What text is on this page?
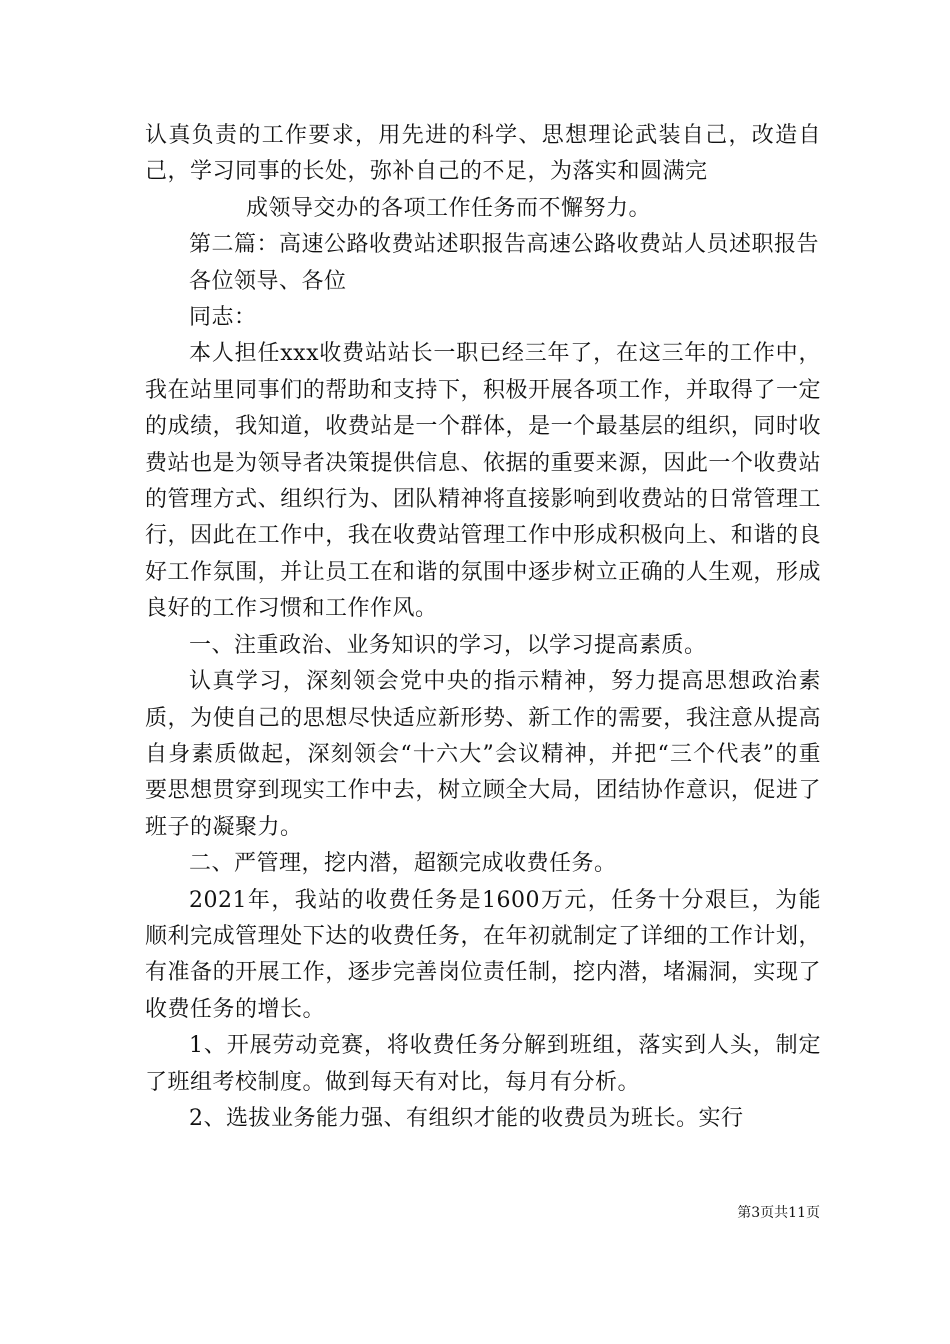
认真负责的工作要求，用先进的科学、思想理论武装自己，改造自己，学习同事的长处，弥补自己的不足，为落实和圆满完

成领导交办的各项工作任务而不懈努力。

第二篇：高速公路收费站述职报告高速公路收费站人员述职报告

各位领导、各位

同志：

本人担任xxx收费站站长一职已经三年了，在这三年的工作中，我在站里同事们的帮助和支持下，积极开展各项工作，并取得了一定的成绩，我知道，收费站是一个群体，是一个最基层的组织，同时收费站也是为领导者决策提供信息、依据的重要来源，因此一个收费站的管理方式、组织行为、团队精神将直接影响到收费站的日常管理工行，因此在工作中，我在收费站管理工作中形成积极向上、和谐的良好工作氛围，并让员工在和谐的氛围中逐步树立正确的人生观，形成良好的工作习惯和工作作风。

一、注重政治、业务知识的学习，以学习提高素质。

认真学习，深刻领会党中央的指示精神，努力提高思想政治素质，为使自己的思想尽快适应新形势、新工作的需要，我注意从提高自身素质做起，深刻领会“十六大”会议精神，并把“三个代表”的重要思想贯穿到现实工作中去，树立顾全大局，团结协作意识，促进了班子的凝聚力。

二、严管理，挖内潜，超额完成收费任务。

2021年，我站的收费任务是1600万元，任务十分艰巨，为能顺利完成管理处下达的收费任务，在年初就制定了详细的工作计划，有准备的开展工作，逐步完善岗位责任制，挖内潜，堵漏洞，实现了收费任务的增长。

1、开展劳动竞赛，将收费任务分解到班组，落实到人头，制定了班组考校制度。做到每天有对比，每月有分析。

2、选拔业务能力强、有组织才能的收费员为班长。实行

第3页共11页
